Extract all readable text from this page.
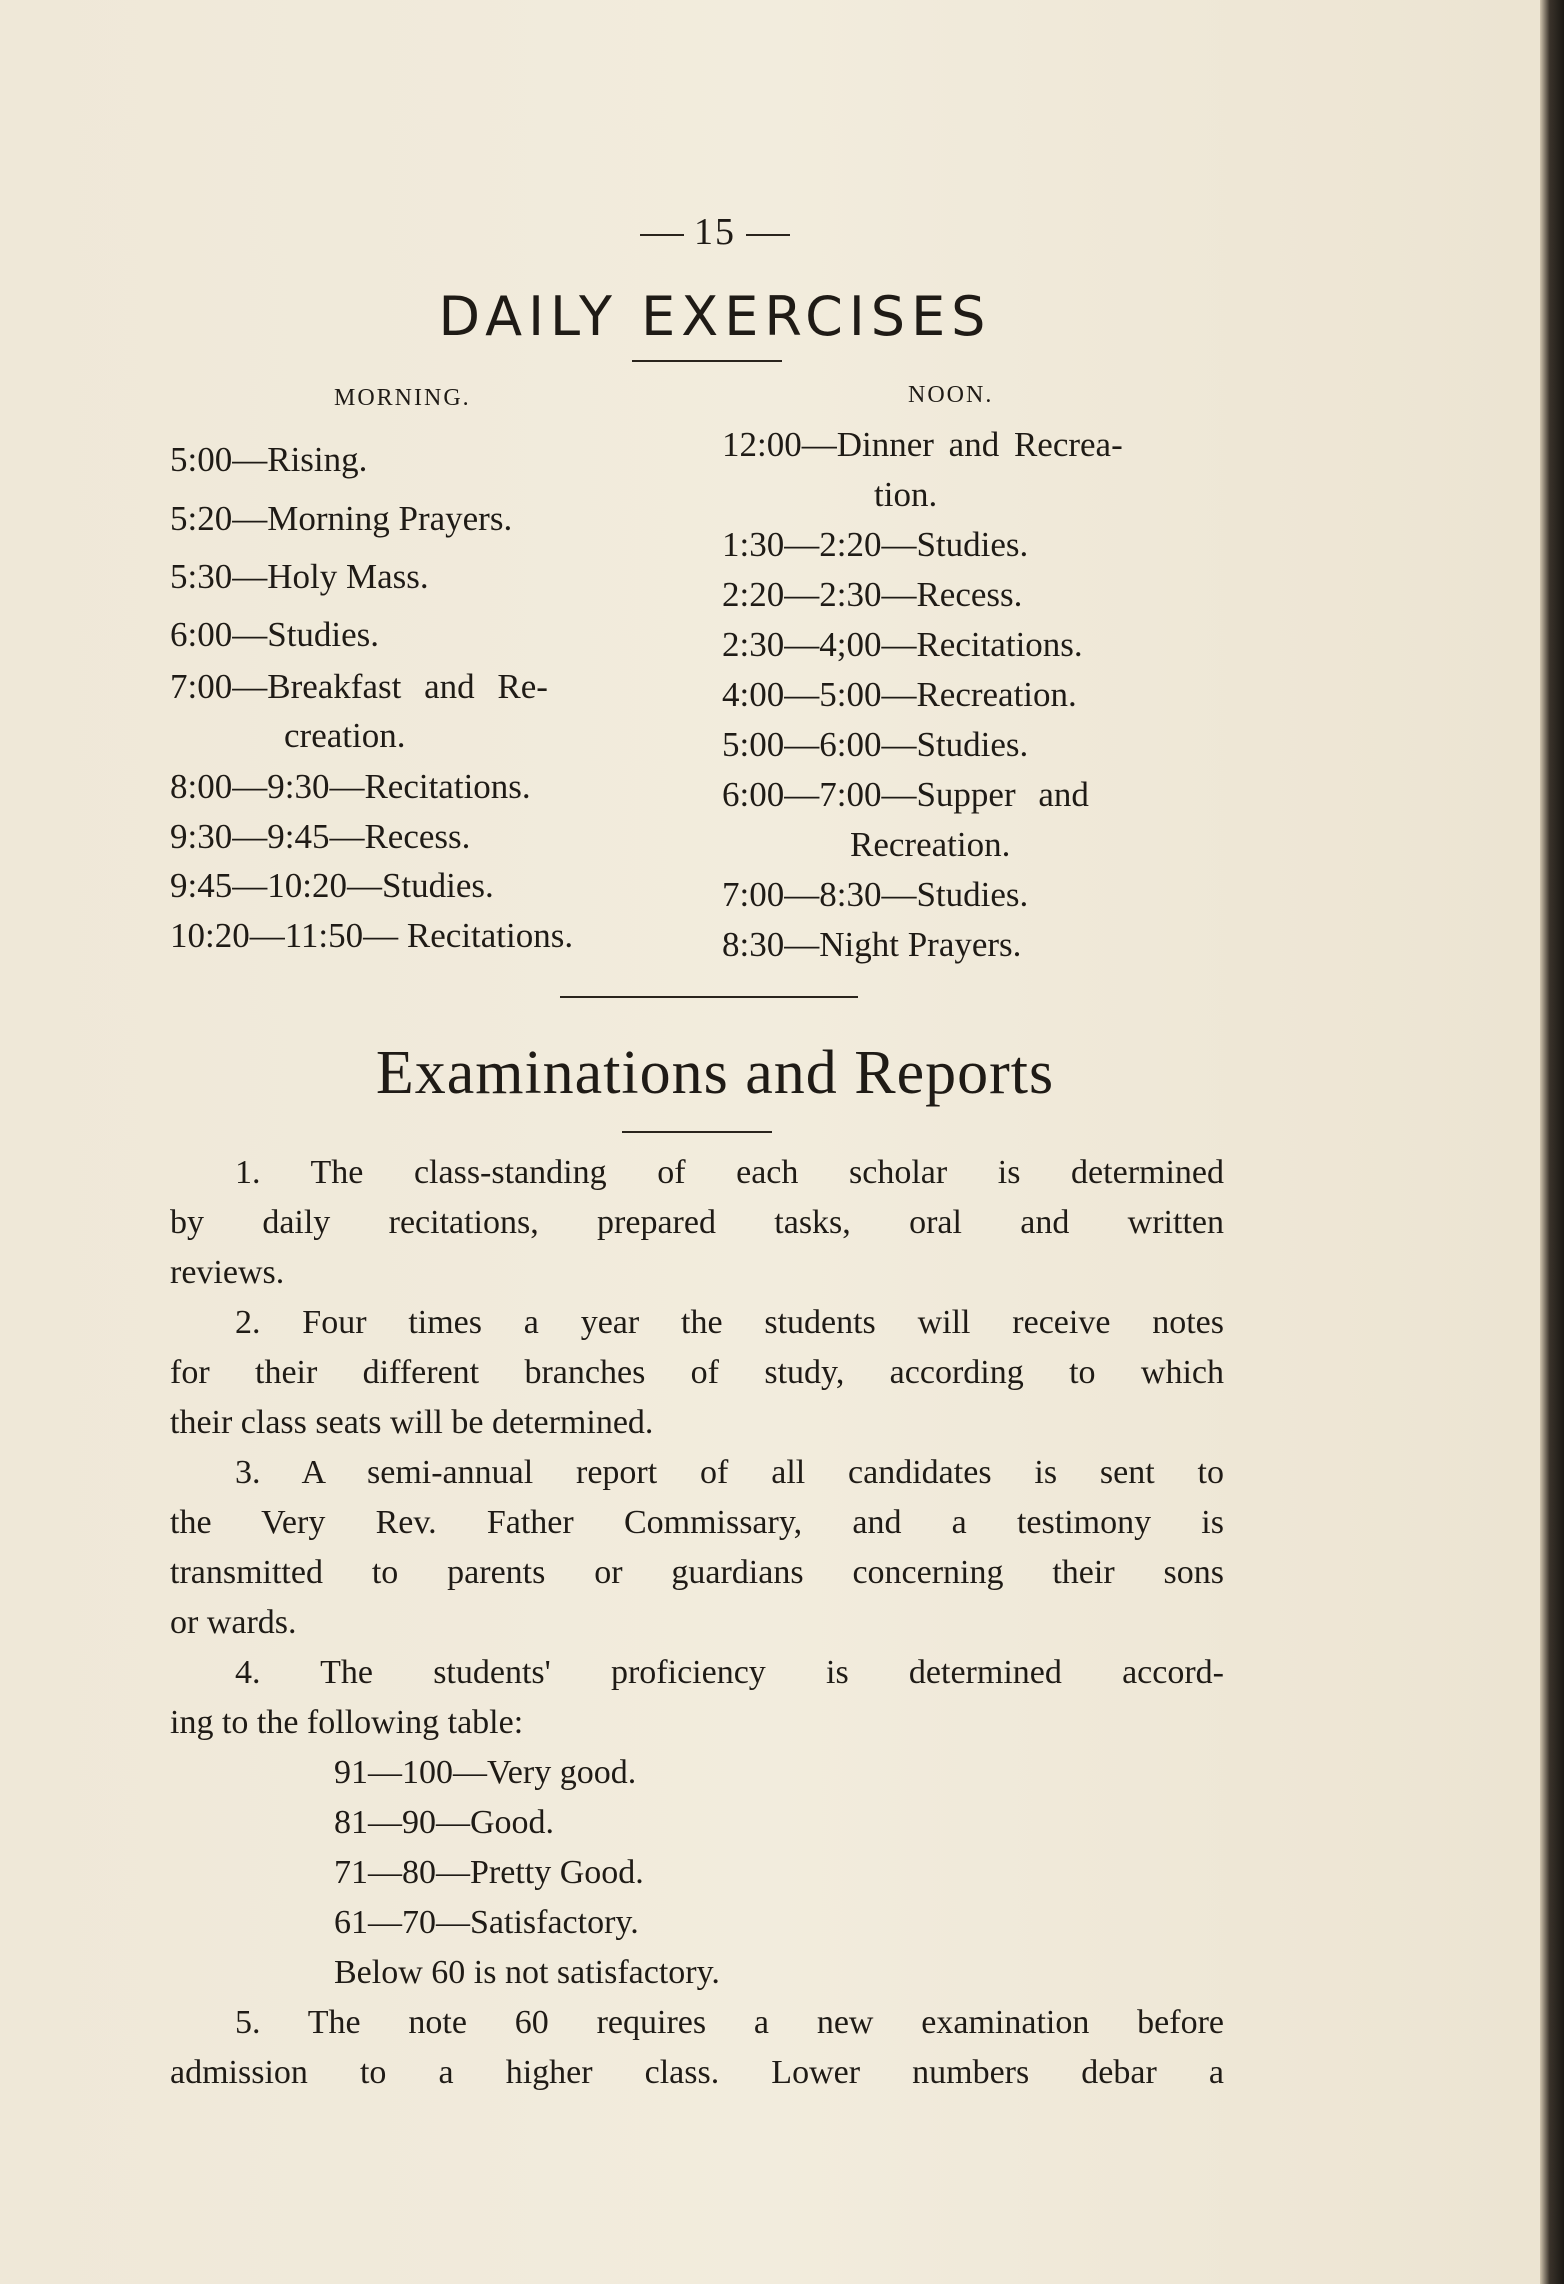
15
DAILY EXERCISES
MORNING.	NOON.
5:00—Rising.
5:20—Morning Prayers.
5:30—Holy Mass.
6:00—Studies.
7:00—Breakfast and Re-
creation.
8:00—9:30—Recitations.
9:30—9:45—Recess.
9:45—10:20—Studies.
10:20—11:50— Recitations.
12:00—Dinner and Recrea-
tion.
1:30—2:20—Studies.
2:20—2:30—Recess.
2:30—4;00—Recitations.
4:00—5:00—Recreation.
5:00—6:00—Studies.
6:00—7:00—Supper and
Recreation.
7:00—8:30—Studies.
8:30—Night Prayers.
Examinations and Reports
1. The class-standing of each scholar is determined
by daily recitations, prepared tasks, oral and written
reviews.
2. Four times a year the students will receive notes
for their different branches of study, according to which
their class seats will be determined.
3. A semi-annual report of all candidates is sent to
the Very Rev. Father Commissary, and a testimony is
transmitted to parents or guardians concerning their sons
or wards.
4. The students' proficiency is determined accord-
ing to the following table:
91—100—Very good.
81—90—Good.
71—80—Pretty Good.
61—70—Satisfactory.
Below 60 is not satisfactory.
5. The note 60 requires a new examination before
admission to a higher class. Lower numbers debar a
